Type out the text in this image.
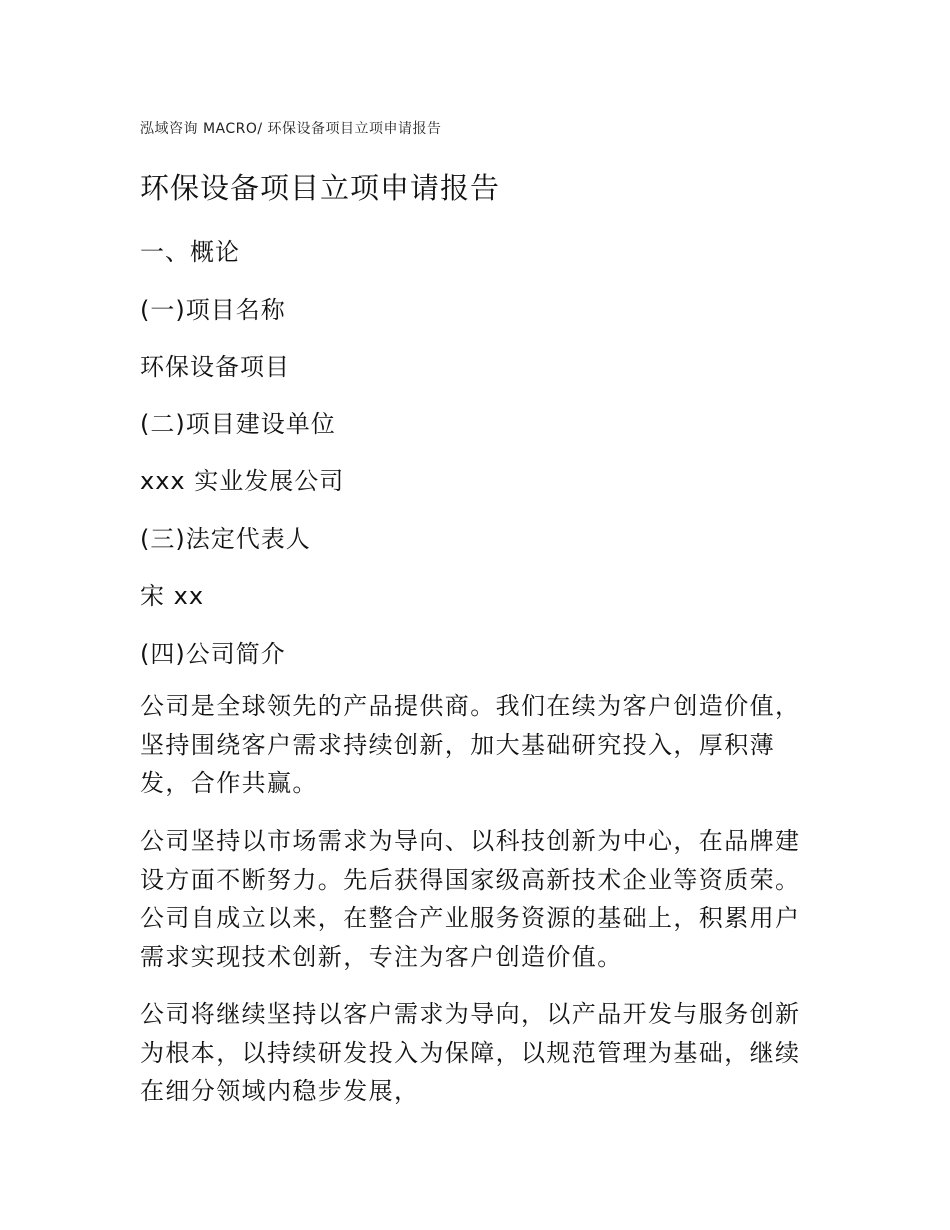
泓域咨询 MACRO/ 环保设备项目立项申请报告
环保设备项目立项申请报告
一、概论
(一)项目名称
环保设备项目
(二)项目建设单位
xxx 实业发展公司
(三)法定代表人
宋 xx
(四)公司简介
公司是全球领先的产品提供商。我们在续为客户创造价值，坚持围绕客户需求持续创新，加大基础研究投入，厚积薄发，合作共赢。
公司坚持以市场需求为导向、以科技创新为中心，在品牌建设方面不断努力。先后获得国家级高新技术企业等资质荣。公司自成立以来，在整合产业服务资源的基础上，积累用户需求实现技术创新，专注为客户创造价值。
公司将继续坚持以客户需求为导向，以产品开发与服务创新为根本，以持续研发投入为保障，以规范管理为基础，继续在细分领域内稳步发展，
